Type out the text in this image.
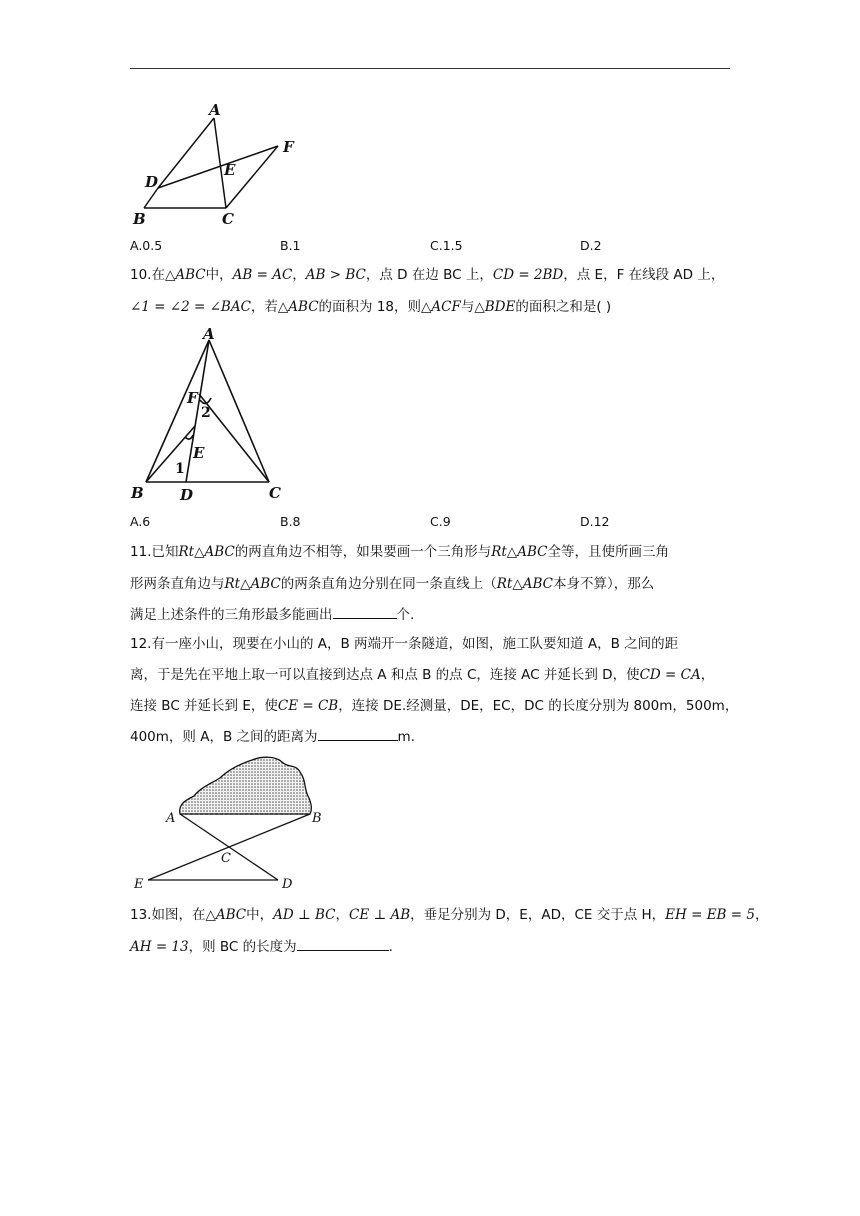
A
B	C
D
E
F
A.0.5	B.1	C.1.5	D.2
10.在△ABC中，AB = AC，AB > BC，点 D 在边 BC 上，CD = 2BD，点 E，F 在线段 AD 上，
∠1 = ∠2 = ∠BAC，若△ABC的面积为 18，则△ACF与△BDE的面积之和是( )
A
B	C
D
E
F
1
2
A.6	B.8	C.9	D.12
11.已知Rt△ABC的两直角边不相等，如果要画一个三角形与Rt△ABC全等，且使所画三角
形两条直角边与Rt△ABC的两条直角边分别在同一条直线上（Rt△ABC本身不算），那么
满足上述条件的三角形最多能画出	个.
12.有一座小山，现要在小山的 A，B 两端开一条隧道，如图，施工队要知道 A，B 之间的距
离，于是先在平地上取一可以直接到达点 A 和点 B 的点 C，连接 AC 并延长到 D，使CD = CA，
连接 BC 并延长到 E，使CE = CB，连接 DE.经测量，DE，EC，DC 的长度分别为 800m，500m，
400m，则 A，B 之间的距离为	m.
A	B
C
D
E
13.如图，在△ABC中，AD ⊥ BC，CE ⊥ AB，垂足分别为 D，E，AD，CE 交于点 H，EH = EB = 5，
AH = 13，则 BC 的长度为	.
